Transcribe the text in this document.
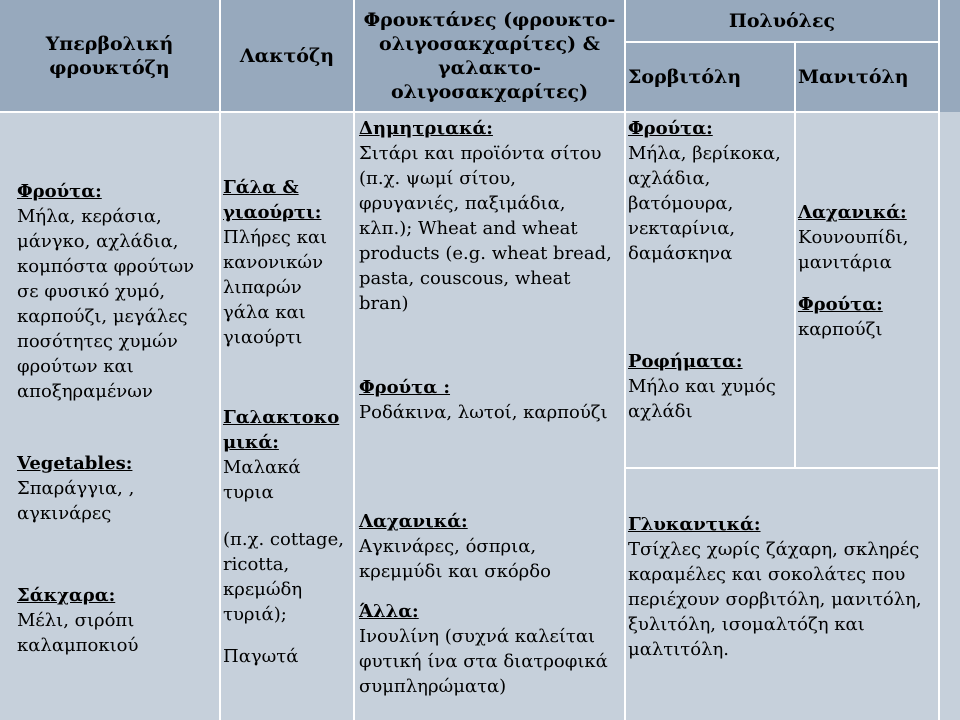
Υπερβολική φρουκτόζη
Λακτόζη
Φρουκτάνες (φρουκτο-ολιγοσακχαρίτες) & γαλακτο-ολιγοσακχαρίτες)
Πολυόλες
Σορβιτόλη	Μανιτόλη
Φρούτα:
Μήλα, κεράσια, μάνγκο, αχλάδια, κομπόστα φρούτων σε φυσικό χυμό, καρπούζι, μεγάλες ποσότητες χυμών φρούτων και αποξηραμένων
Vegetables:
Σπαράγγια, , αγκινάρες
Σάκχαρα:
Μέλι, σιρόπι καλαμποκιού
Γάλα & γιαούρτι:
Πλήρες και κανονικών λιπαρών γάλα και γιαούρτι
Γαλακτοκομικά:
Μαλακά τυρια
(π.χ. cottage, ricotta, κρεμώδη τυριά);
Παγωτά
Δημητριακά:
Σιτάρι και προϊόντα σίτου (π.χ. ψωμί σίτου, φρυγανιές, παξιμάδια, κλπ.); Wheat and wheat products (e.g. wheat bread, pasta, couscous, wheat bran)
Φρούτα :
Ροδάκινα, λωτοί, καρπούζι
Λαχανικά:
Αγκινάρες, όσπρια, κρεμμύδι και σκόρδο
Άλλα:
Ινουλίνη (συχνά καλείται φυτική ίνα στα διατροφικά συμπληρώματα)
Φρούτα:
Μήλα, βερίκοκα, αχλάδια, βατόμουρα, νεκταρίνια, δαμάσκηνα
Ροφήματα:
Μήλο και χυμός αχλάδι
Λαχανικά:
Κουνουπίδι, μανιτάρια
Φρούτα:
καρπούζι
Γλυκαντικά:
Τσίχλες χωρίς ζάχαρη, σκληρές καραμέλες και σοκολάτες που περιέχουν σορβιτόλη, μανιτόλη, ξυλιτόλη, ισομαλτόζη και μαλτιτόλη.
